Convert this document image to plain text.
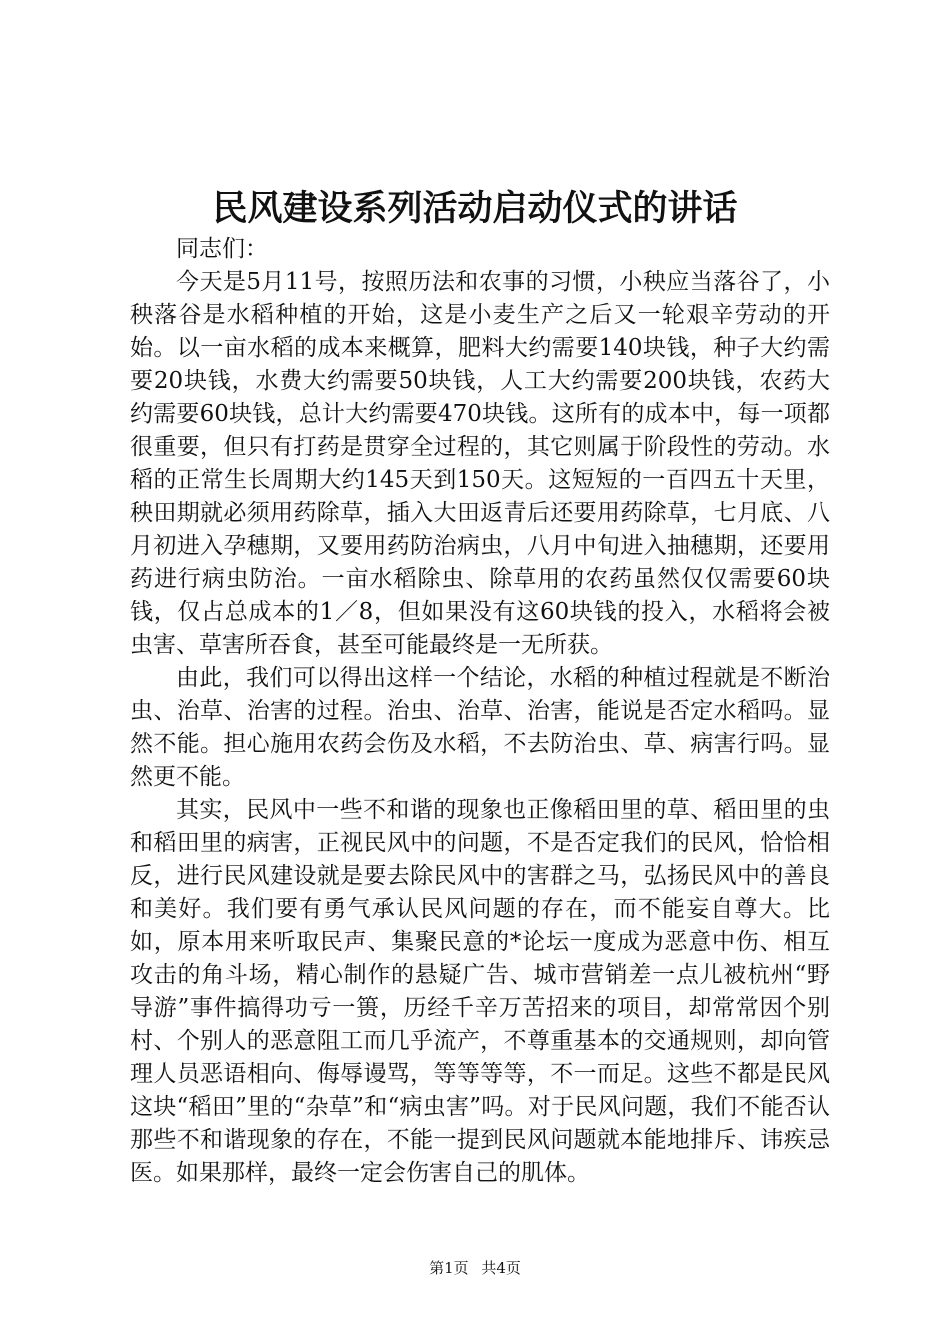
民风建设系列活动启动仪式的讲话

同志们：

今天是5月11号，按照历法和农事的习惯，小秧应当落谷了，小秧落谷是水稻种植的开始，这是小麦生产之后又一轮艰辛劳动的开始。以一亩水稻的成本来概算，肥料大约需要140块钱，种子大约需要20块钱，水费大约需要50块钱，人工大约需要200块钱，农药大约需要60块钱，总计大约需要470块钱。这所有的成本中，每一项都很重要，但只有打药是贯穿全过程的，其它则属于阶段性的劳动。水稻的正常生长周期大约145天到150天。这短短的一百四五十天里，秧田期就必须用药除草，插入大田返青后还要用药除草，七月底、八月初进入孕穗期，又要用药防治病虫，八月中旬进入抽穗期，还要用药进行病虫防治。一亩水稻除虫、除草用的农药虽然仅仅需要60块钱，仅占总成本的1／8，但如果没有这60块钱的投入，水稻将会被虫害、草害所吞食，甚至可能最终是一无所获。

由此，我们可以得出这样一个结论，水稻的种植过程就是不断治虫、治草、治害的过程。治虫、治草、治害，能说是否定水稻吗。显然不能。担心施用农药会伤及水稻，不去防治虫、草、病害行吗。显然更不能。

其实，民风中一些不和谐的现象也正像稻田里的草、稻田里的虫和稻田里的病害，正视民风中的问题，不是否定我们的民风，恰恰相反，进行民风建设就是要去除民风中的害群之马，弘扬民风中的善良和美好。我们要有勇气承认民风问题的存在，而不能妄自尊大。比如，原本用来听取民声、集聚民意的*论坛一度成为恶意中伤、相互攻击的角斗场，精心制作的悬疑广告、城市营销差一点儿被杭州“野导游”事件搞得功亏一篑，历经千辛万苦招来的项目，却常常因个别村、个别人的恶意阻工而几乎流产，不尊重基本的交通规则，却向管理人员恶语相向、侮辱谩骂，等等等等，不一而足。这些不都是民风这块“稻田”里的“杂草”和“病虫害”吗。对于民风问题，我们不能否认那些不和谐现象的存在，不能一提到民风问题就本能地排斥、讳疾忌医。如果那样，最终一定会伤害自己的肌体。

第1页 共4页
